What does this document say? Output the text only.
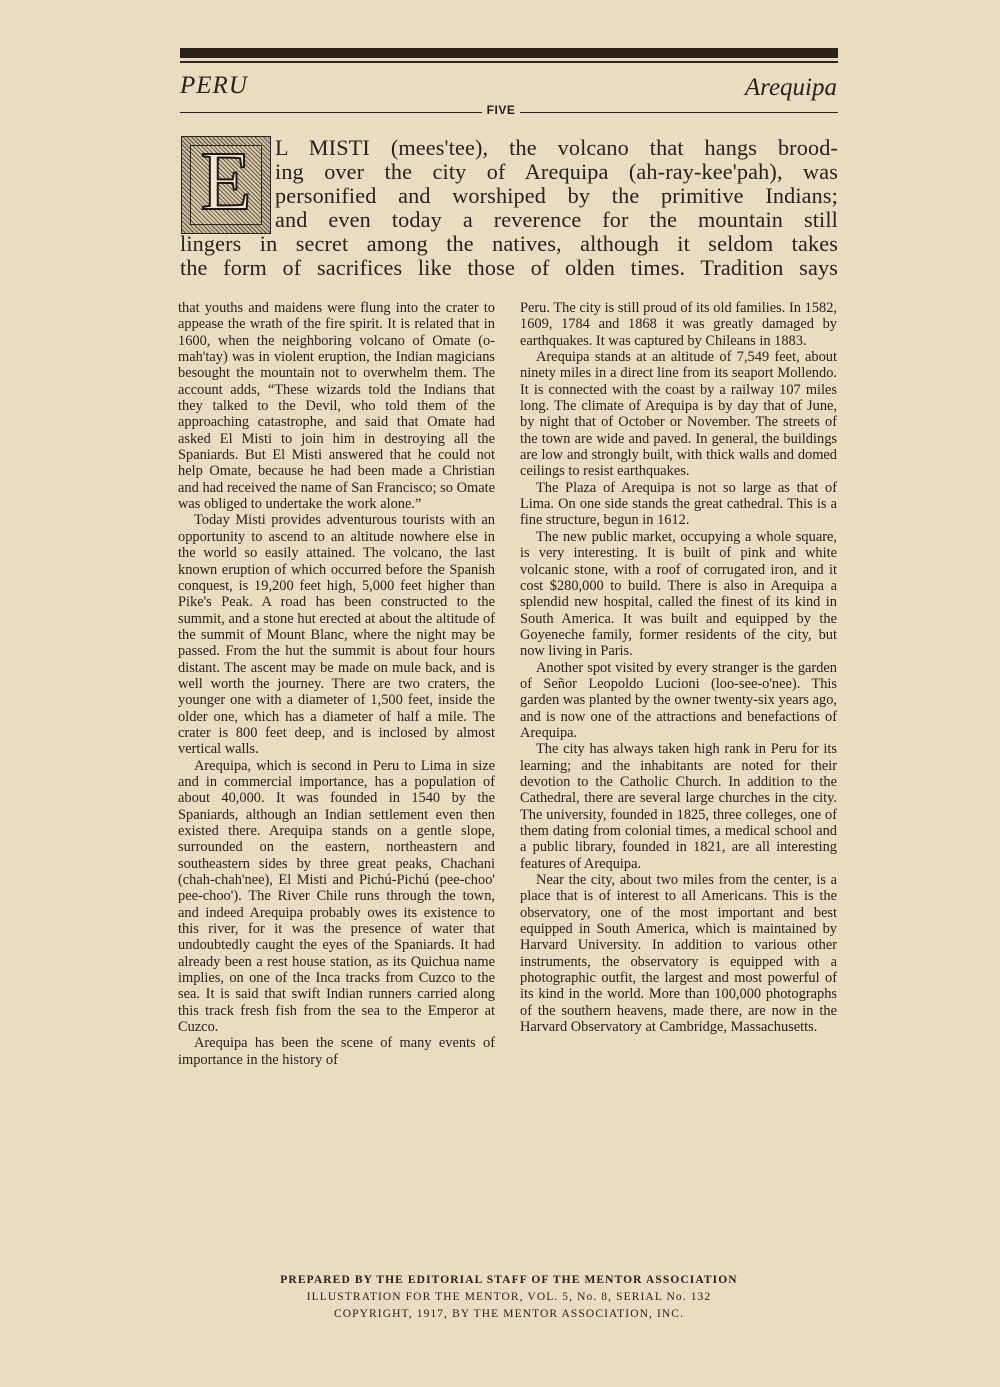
PERU	Arequipa
FIVE
E	L MISTI (mees'tee), the volcano that hangs brood-
ing over the city of Arequipa (ah-ray-kee'pah), was
personified and worshiped by the primitive Indians;
and even today a reverence for the mountain still
lingers in secret among the natives, although it seldom takes
the form of sacrifices like those of olden times. Tradition says

that youths and maidens were flung into the crater to appease the wrath of the fire spirit. It is related that in 1600, when the neighboring volcano of Omate (o-mah'tay) was in violent eruption, the Indian magicians besought the mountain not to overwhelm them. The account adds, “These wizards told the Indians that they talked to the Devil, who told them of the approaching catastrophe, and said that Omate had asked El Misti to join him in destroying all the Spaniards. But El Misti answered that he could not help Omate, because he had been made a Christian and had received the name of San Francisco; so Omate was obliged to undertake the work alone.”

Today Misti provides adventurous tourists with an opportunity to ascend to an altitude nowhere else in the world so easily attained. The volcano, the last known eruption of which occurred before the Spanish conquest, is 19,200 feet high, 5,000 feet higher than Pike's Peak. A road has been constructed to the summit, and a stone hut erected at about the altitude of the summit of Mount Blanc, where the night may be passed. From the hut the summit is about four hours distant. The ascent may be made on mule back, and is well worth the journey. There are two craters, the younger one with a diameter of 1,500 feet, inside the older one, which has a diameter of half a mile. The crater is 800 feet deep, and is inclosed by almost vertical walls.

Arequipa, which is second in Peru to Lima in size and in commercial importance, has a population of about 40,000. It was founded in 1540 by the Spaniards, although an Indian settlement even then existed there. Arequipa stands on a gentle slope, surrounded on the eastern, northeastern and southeastern sides by three great peaks, Chachani (chah-chah'nee), El Misti and Pichú-Pichú (pee-choo' pee-choo'). The River Chile runs through the town, and indeed Arequipa probably owes its existence to this river, for it was the presence of water that undoubtedly caught the eyes of the Spaniards. It had already been a rest house station, as its Quichua name implies, on one of the Inca tracks from Cuzco to the sea. It is said that swift Indian runners carried along this track fresh fish from the sea to the Emperor at Cuzco.

Arequipa has been the scene of many events of importance in the history of

Peru. The city is still proud of its old families. In 1582, 1609, 1784 and 1868 it was greatly damaged by earthquakes. It was captured by Chileans in 1883.

Arequipa stands at an altitude of 7,549 feet, about ninety miles in a direct line from its seaport Mollendo. It is connected with the coast by a railway 107 miles long. The climate of Arequipa is by day that of June, by night that of October or November. The streets of the town are wide and paved. In general, the buildings are low and strongly built, with thick walls and domed ceilings to resist earthquakes.

The Plaza of Arequipa is not so large as that of Lima. On one side stands the great cathedral. This is a fine structure, begun in 1612.

The new public market, occupying a whole square, is very interesting. It is built of pink and white volcanic stone, with a roof of corrugated iron, and it cost $280,000 to build. There is also in Arequipa a splendid new hospital, called the finest of its kind in South America. It was built and equipped by the Goyeneche family, former residents of the city, but now living in Paris.

Another spot visited by every stranger is the garden of Señor Leopoldo Lucioni (loo-see-o'nee). This garden was planted by the owner twenty-six years ago, and is now one of the attractions and benefactions of Arequipa.

The city has always taken high rank in Peru for its learning; and the inhabitants are noted for their devotion to the Catholic Church. In addition to the Cathedral, there are several large churches in the city. The university, founded in 1825, three colleges, one of them dating from colonial times, a medical school and a public library, founded in 1821, are all interesting features of Arequipa.

Near the city, about two miles from the center, is a place that is of interest to all Americans. This is the observatory, one of the most important and best equipped in South America, which is maintained by Harvard University. In addition to various other instruments, the observatory is equipped with a photographic outfit, the largest and most powerful of its kind in the world. More than 100,000 photographs of the southern heavens, made there, are now in the Harvard Observatory at Cambridge, Massachusetts.

PREPARED BY THE EDITORIAL STAFF OF THE MENTOR ASSOCIATION
ILLUSTRATION FOR THE MENTOR, VOL. 5, No. 8, SERIAL No. 132
COPYRIGHT, 1917, BY THE MENTOR ASSOCIATION, INC.
